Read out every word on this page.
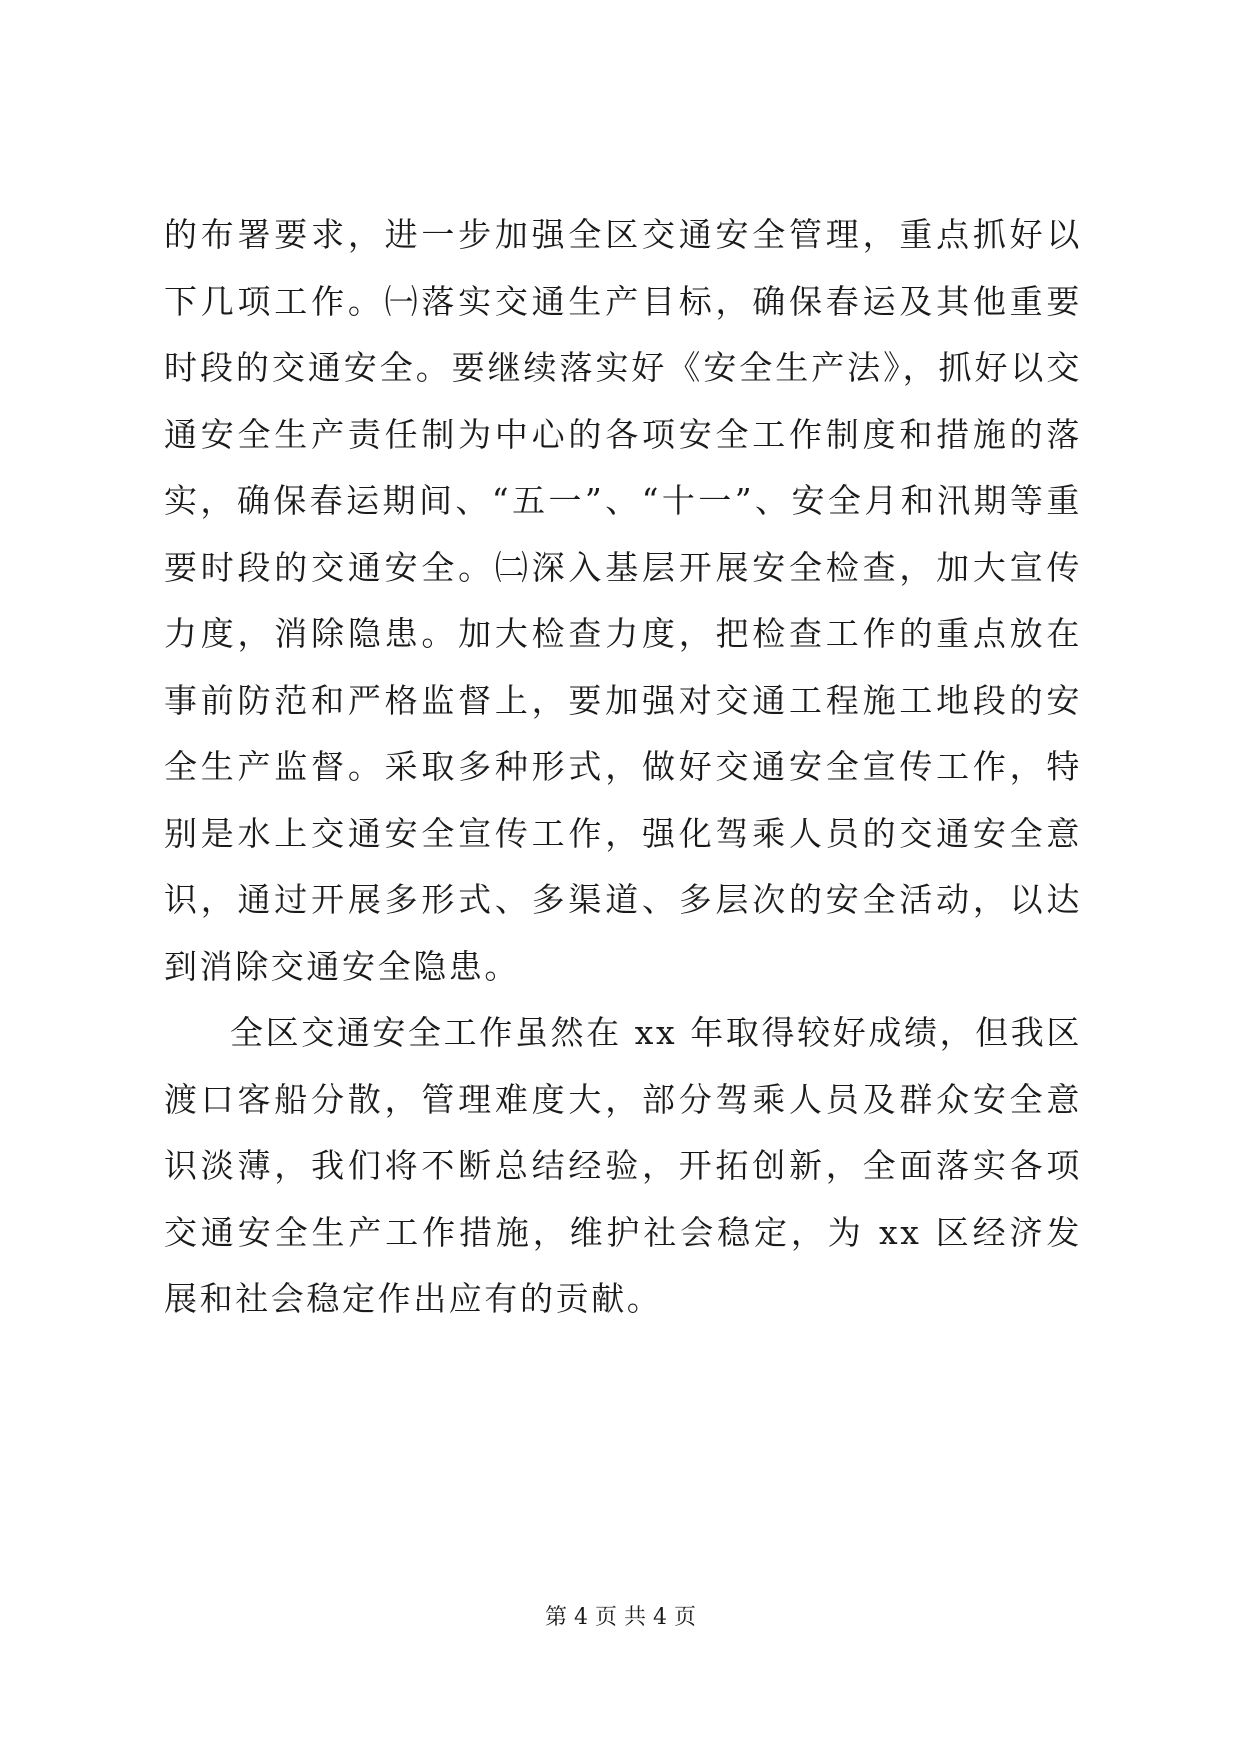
的布署要求，进一步加强全区交通安全管理，重点抓好以下几项工作。㈠落实交通生产目标，确保春运及其他重要时段的交通安全。要继续落实好《安全生产法》，抓好以交通安全生产责任制为中心的各项安全工作制度和措施的落实，确保春运期间、“五一”、“十一”、安全月和汛期等重要时段的交通安全。㈡深入基层开展安全检查，加大宣传力度，消除隐患。加大检查力度，把检查工作的重点放在事前防范和严格监督上，要加强对交通工程施工地段的安全生产监督。采取多种形式，做好交通安全宣传工作，特别是水上交通安全宣传工作，强化驾乘人员的交通安全意识，通过开展多形式、多渠道、多层次的安全活动，以达到消除交通安全隐患。

全区交通安全工作虽然在 xx 年取得较好成绩，但我区渡口客船分散，管理难度大，部分驾乘人员及群众安全意识淡薄，我们将不断总结经验，开拓创新，全面落实各项交通安全生产工作措施，维护社会稳定，为 xx 区经济发展和社会稳定作出应有的贡献。

第 4 页 共 4 页
